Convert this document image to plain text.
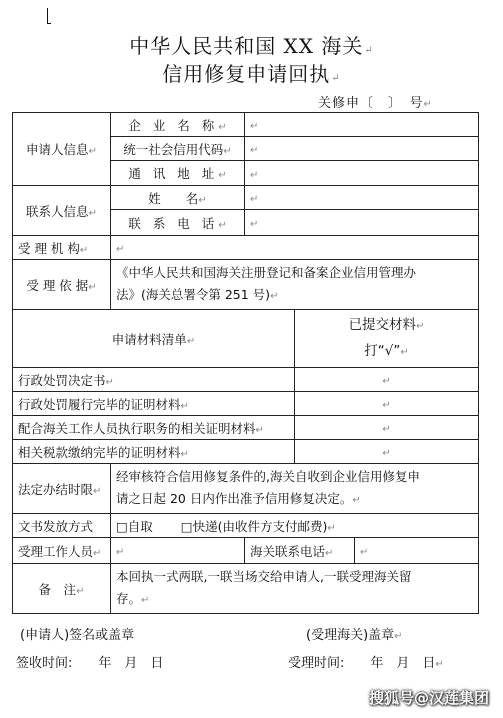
中华人民共和国 XX 海关↵
信用修复申请回执↵
关修申〔　〕　号↵
申请人信息↵	企 业 名 称↵	↵		
	统一社会信用代码↵	↵		
	通 讯 地 址↵	↵		
联系人信息↵	姓　　名↵	↵		
	联 系 电 话↵	↵		
受 理 机 构↵	↵			
受 理 依 据↵	《中华人民共和国海关注册登记和备案企业信用管理办
法》(海关总署令第 251 号)↵			
申请材料清单↵			已提交材料↵
打“√”↵	
行政处罚决定书↵			↵	
行政处罚履行完毕的证明材料↵			↵	
配合海关工作人员执行职务的相关证明材料↵			↵	
相关税款缴纳完毕的证明材料↵			↵	
法定办结时限↵	经审核符合信用修复条件的,海关自收到企业信用修复申
请之日起 20 日内作出准予信用修复决定。↵			
文书发放方式	□自取 □快递(由收件方支付邮费)↵			
受理工作人员↵	↵	海关联系电话↵		↵
备　注↵	本回执一式两联,一联当场交给申请人,一联受理海关留
存。↵			
(申请人)签名或盖章	(受理海关)盖章↵
签收时间:　　年　月　日	受理时间:　　年　月　日↵
搜狐号@汉莲集团
